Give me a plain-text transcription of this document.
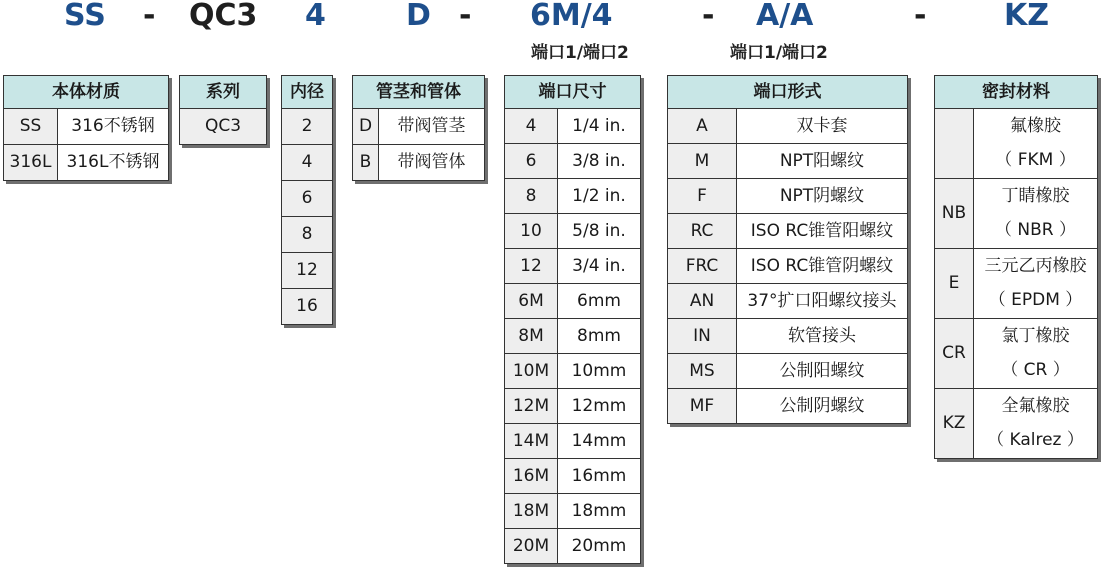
SS - QC3 4	D - 6M/4	- A/A	-	KZ
端口1/端口2	端口1/端口2
本体材质	
SS	316不锈钢
316L	316L不锈钢
系列
QC3
内径
2
4
6
8
12
16
管茎和管体	
D	带阀管茎
B	带阀管体
端口尺寸	
4	1/4 in.
6	3/8 in.
8	1/2 in.
10	5/8 in.
12	3/4 in.
6M	6mm
8M	8mm
10M	10mm
12M	12mm
14M	14mm
16M	16mm
18M	18mm
20M	20mm
端口形式	
A	双卡套
M	NPT阳螺纹
F	NPT阴螺纹
RC	ISO RC锥管阳螺纹
FRC	ISO RC锥管阴螺纹
AN	37°扩口阳螺纹接头
IN	软管接头
MS	公制阳螺纹
MF	公制阴螺纹
密封材料	
	氟橡胶
	（ FKM ）
NB	丁睛橡胶
	（ NBR ）
E	三元乙丙橡胶
	（ EPDM ）
CR	氯丁橡胶
	（ CR ）
KZ	全氟橡胶
	（ Kalrez ）
